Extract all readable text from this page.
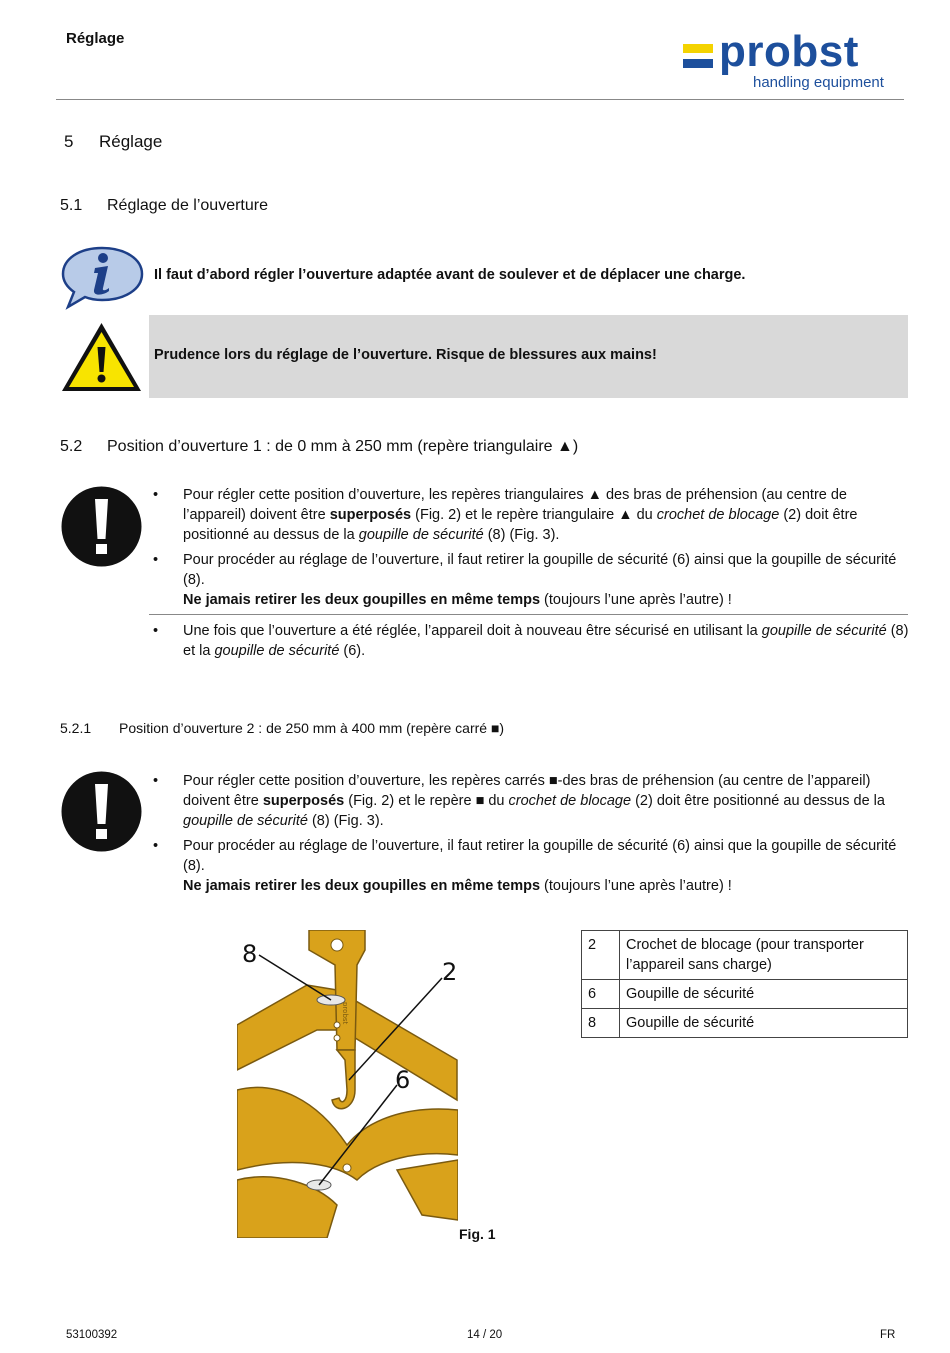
Réglage	probst
handling equipment
5 Réglage
5.1 Réglage de l’ouverture
Il faut d’abord régler l’ouverture adaptée avant de soulever et de déplacer une charge.
Prudence lors du réglage de l’ouverture. Risque de blessures aux mains!
5.2 Position d’ouverture 1 : de 0 mm à 250 mm (repère triangulaire ▲)
• Pour régler cette position d’ouverture, les repères triangulaires ▲ des bras de préhension (au centre de l’appareil) doivent être superposés (Fig. 2) et le repère triangulaire ▲ du crochet de blocage (2) doit être positionné au dessus de la goupille de sécurité (8) (Fig. 3).
• Pour procéder au réglage de l’ouverture, il faut retirer la goupille de sécurité (6) ainsi que la goupille de sécurité (8).
Ne jamais retirer les deux goupilles en même temps (toujours l’une après l’autre) !
• Une fois que l’ouverture a été réglée, l’appareil doit à nouveau être sécurisé en utilisant la goupille de sécurité (8) et la goupille de sécurité (6).
5.2.1 Position d’ouverture 2 : de 250 mm à 400 mm (repère carré ■)
• Pour régler cette position d’ouverture, les repères carrés ■-des bras de préhension (au centre de l’appareil) doivent être superposés (Fig. 2) et le repère ■ du crochet de blocage (2) doit être positionné au dessus de la goupille de sécurité (8) (Fig. 3).
• Pour procéder au réglage de l’ouverture, il faut retirer la goupille de sécurité (6) ainsi que la goupille de sécurité (8).
Ne jamais retirer les deux goupilles en même temps (toujours l’une après l’autre) !
8
2
6
probst
Fig. 1
2	Crochet de blocage (pour transporter l’appareil sans charge)
6	Goupille de sécurité
8	Goupille de sécurité
53100392	14 / 20	FR
